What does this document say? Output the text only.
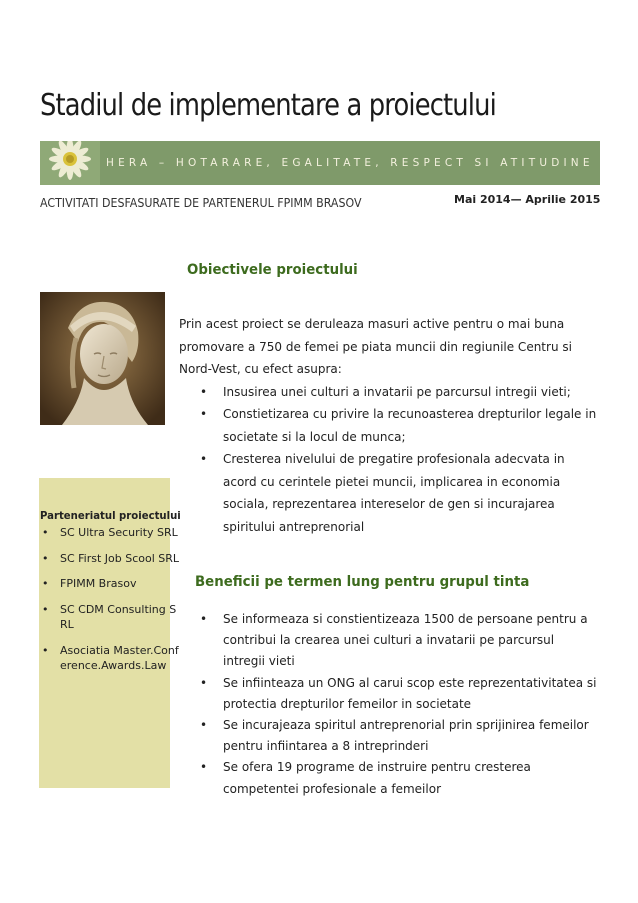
Stadiul de implementare a proiectului
HERA – HOTARARE, EGALITATE, RESPECT SI ATITUDINE
ACTIVITATI DESFASURATE DE PARTENERUL FPIMM BRASOV	Mai 2014— Aprilie 2015
Obiectivele proiectului

Prin acest proiect se deruleaza masuri active pentru o mai buna promovare a 750 de femei pe piata muncii din regiunile Centru si Nord-Vest, cu efect asupra:

• Insusirea unei culturi a invatarii pe parcursul intregii vieti;
• Constietizarea cu privire la recunoasterea drepturilor legale in societate si la locul de munca;
• Cresterea nivelului de pregatire profesionala adecvata in acord cu cerintele pietei muncii, implicarea in economia sociala, reprezentarea intereselor de gen si incurajarea spiritului antreprenorial
Parteneriatul proiectului
• SC Ultra Security SRL
• SC First Job Scool SRL
• FPIMM Brasov
• SC CDM Consulting SRL
• Asociatia Master.Conference.Awards.Law
Beneficii pe termen lung pentru grupul tinta
• Se informeaza si constientizeaza 1500 de persoane pentru a contribui la crearea unei culturi a invatarii pe parcursul intregii vieti
• Se infiinteaza un ONG al carui scop este reprezentativitatea si protectia drepturilor femeilor in societate
• Se incurajeaza spiritul antreprenorial prin sprijinirea femeilor pentru infiintarea a 8 intreprinderi
• Se ofera 19 programe de instruire pentru cresterea competentei profesionale a femeilor
